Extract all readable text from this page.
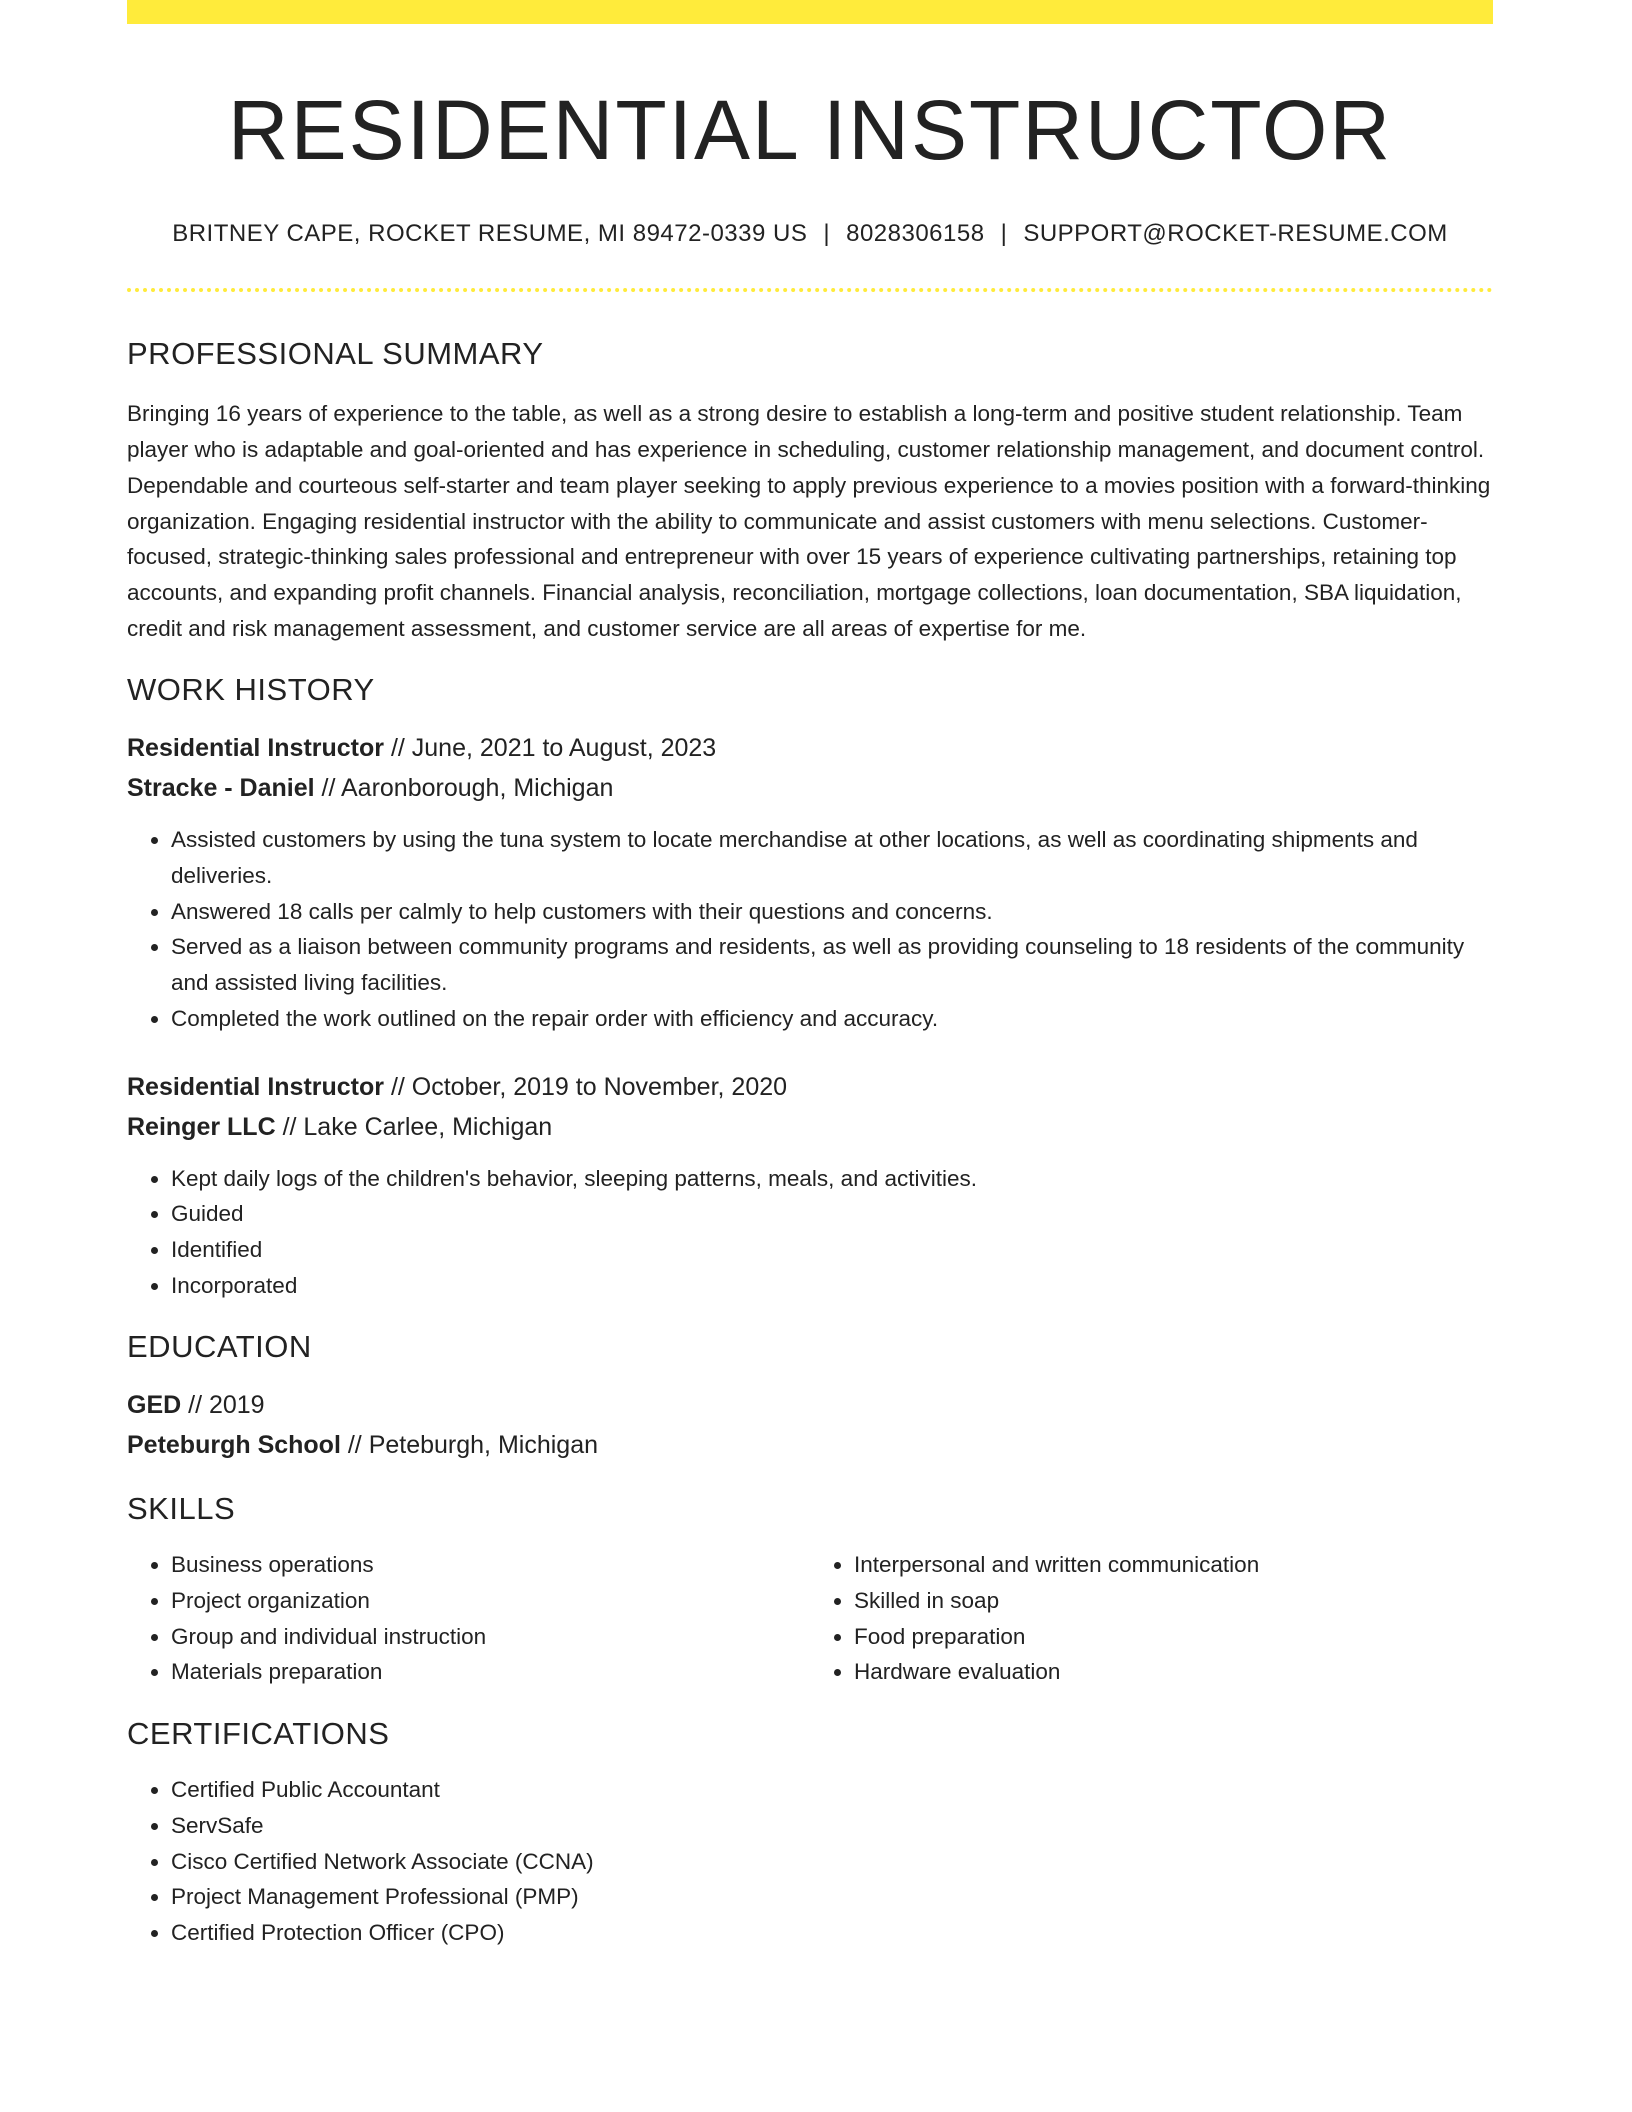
RESIDENTIAL INSTRUCTOR
BRITNEY CAPE, ROCKET RESUME, MI 89472-0339 US | 8028306158 | SUPPORT@ROCKET-RESUME.COM
PROFESSIONAL SUMMARY
Bringing 16 years of experience to the table, as well as a strong desire to establish a long-term and positive student relationship. Team player who is adaptable and goal-oriented and has experience in scheduling, customer relationship management, and document control. Dependable and courteous self-starter and team player seeking to apply previous experience to a movies position with a forward-thinking organization. Engaging residential instructor with the ability to communicate and assist customers with menu selections. Customer-focused, strategic-thinking sales professional and entrepreneur with over 15 years of experience cultivating partnerships, retaining top accounts, and expanding profit channels. Financial analysis, reconciliation, mortgage collections, loan documentation, SBA liquidation, credit and risk management assessment, and customer service are all areas of expertise for me.
WORK HISTORY
Residential Instructor // June, 2021 to August, 2023
Stracke - Daniel // Aaronborough, Michigan
• Assisted customers by using the tuna system to locate merchandise at other locations, as well as coordinating shipments and deliveries.
• Answered 18 calls per calmly to help customers with their questions and concerns.
• Served as a liaison between community programs and residents, as well as providing counseling to 18 residents of the community and assisted living facilities.
• Completed the work outlined on the repair order with efficiency and accuracy.
Residential Instructor // October, 2019 to November, 2020
Reinger LLC // Lake Carlee, Michigan
• Kept daily logs of the children's behavior, sleeping patterns, meals, and activities.
• Guided
• Identified
• Incorporated
EDUCATION
GED // 2019
Peteburgh School // Peteburgh, Michigan
SKILLS
• Business operations
• Project organization
• Group and individual instruction
• Materials preparation
• Interpersonal and written communication
• Skilled in soap
• Food preparation
• Hardware evaluation
CERTIFICATIONS
• Certified Public Accountant
• ServSafe
• Cisco Certified Network Associate (CCNA)
• Project Management Professional (PMP)
• Certified Protection Officer (CPO)
